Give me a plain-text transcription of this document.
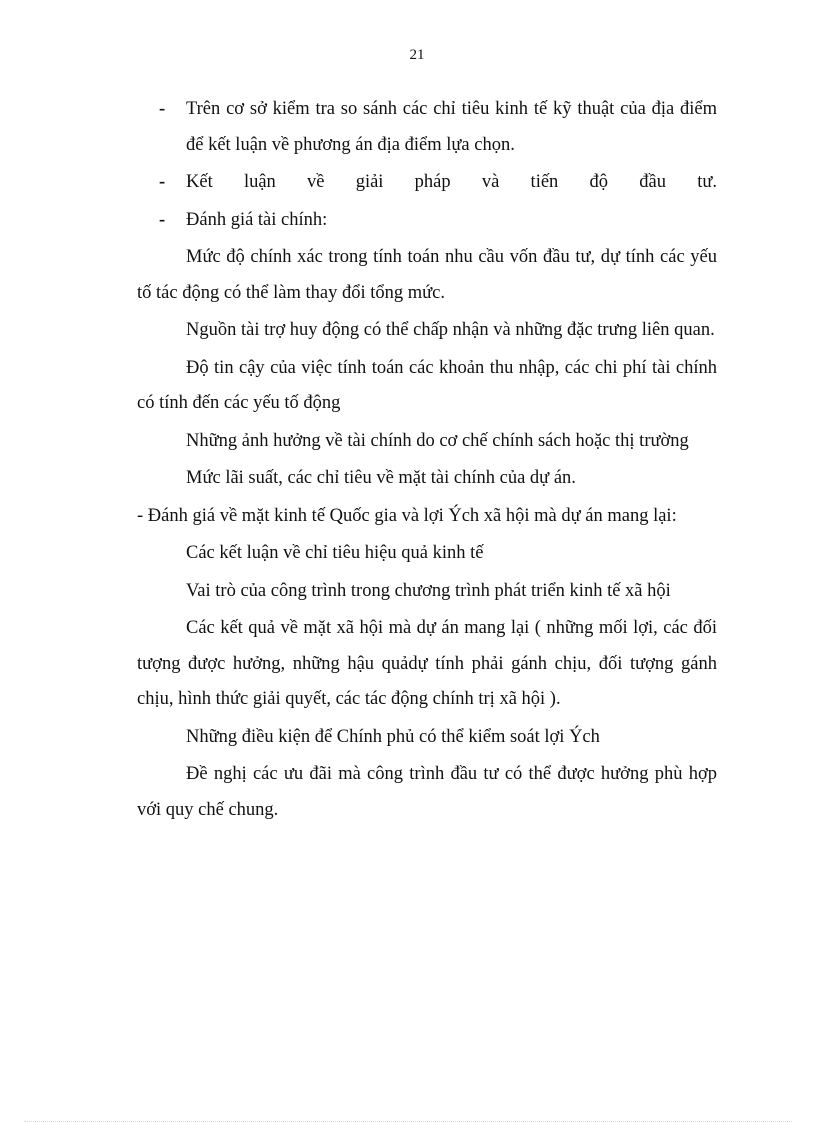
21
- Trên cơ sở kiểm tra so sánh các chỉ tiêu kinh tế kỹ thuật của địa điểm để kết luận về phương án địa điểm lựa chọn.
- Kết luận về giải pháp và tiến độ đầu tư.
- Đánh giá tài chính:

Mức độ chính xác trong tính toán nhu cầu vốn đầu tư, dự tính các yếu tố tác động có thể làm thay đổi tổng mức.

Nguồn tài trợ huy động có thể chấp nhận và những đặc trưng liên quan.

Độ tin cậy của việc tính toán các khoản thu nhập, các chi phí tài chính có tính đến các yếu tố động

Những ảnh hưởng về tài chính do cơ chế chính sách hoặc thị trường

Mức lãi suất, các chỉ tiêu về mặt tài chính của dự án.

- Đánh giá về mặt kinh tế Quốc gia và lợi Ých xã hội mà dự án mang lại:

Các kết luận về chỉ tiêu hiệu quả kinh tế

Vai trò của công trình trong chương trình phát triển kinh tế xã hội

Các kết quả về mặt xã hội mà dự án mang lại ( những mối lợi, các đối tượng được hưởng, những hậu quảdự tính phải gánh chịu, đối tượng gánh chịu, hình thức giải quyết, các tác động chính trị xã hội ).

Những điều kiện để Chính phủ có thể kiểm soát lợi Ých

Đề nghị các ưu đãi mà công trình đầu tư có thể được hưởng phù hợp với quy chế chung.
